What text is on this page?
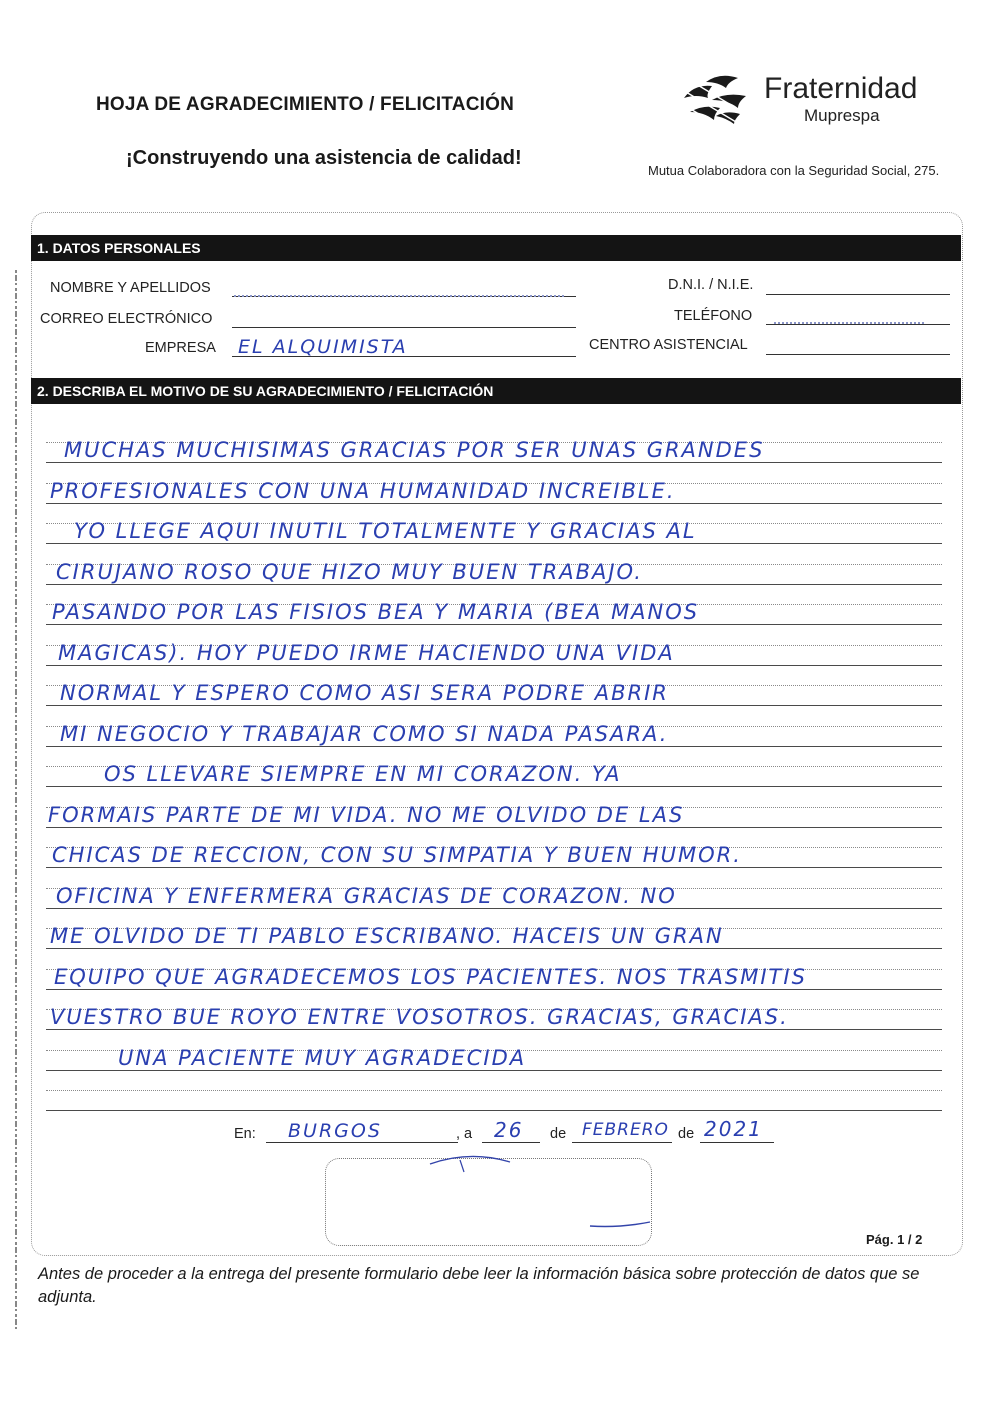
HOJA DE AGRADECIMIENTO / FELICITACIÓN
¡Construyendo una asistencia de calidad!
Fraternidad
Muprespa
Mutua Colaboradora con la Seguridad Social, 275.
1. DATOS PERSONALES
NOMBRE Y APELLIDOS
CORREO ELECTRÓNICO
EMPRESA EL ALQUIMISTA
D.N.I. / N.I.E.
TELÉFONO
CENTRO ASISTENCIAL
2. DESCRIBA EL MOTIVO DE SU AGRADECIMIENTO / FELICITACIÓN
MUCHAS MUCHISIMAS GRACIAS POR SER UNAS GRANDES
PROFESIONALES CON UNA HUMANIDAD INCREIBLE.
YO LLEGE AQUI INUTIL TOTALMENTE Y GRACIAS AL
CIRUJANO ROSO QUE HIZO MUY BUEN TRABAJO.
PASANDO POR LAS FISIOS BEA Y MARIA (BEA MANOS
MAGICAS). HOY PUEDO IRME HACIENDO UNA VIDA
NORMAL Y ESPERO COMO ASI SERA PODRE ABRIR
MI NEGOCIO Y TRABAJAR COMO SI NADA PASARA.
OS LLEVARE SIEMPRE EN MI CORAZON. YA
FORMAIS PARTE DE MI VIDA. NO ME OLVIDO DE LAS
CHICAS DE RECCION, CON SU SIMPATIA Y BUEN HUMOR.
OFICINA Y ENFERMERA GRACIAS DE CORAZON. NO
ME OLVIDO DE TI PABLO ESCRIBANO. HACEIS UN GRAN
EQUIPO QUE AGRADECEMOS LOS PACIENTES. NOS TRASMITIS
VUESTRO BUE ROYO ENTRE VOSOTROS. GRACIAS, GRACIAS.
UNA PACIENTE MUY AGRADECIDA
En: BURGOS	, a 26 de FEBRERO de 2021
Pág. 1 / 2
Antes de proceder a la entrega del presente formulario debe leer la información básica sobre protección de datos que se adjunta.
